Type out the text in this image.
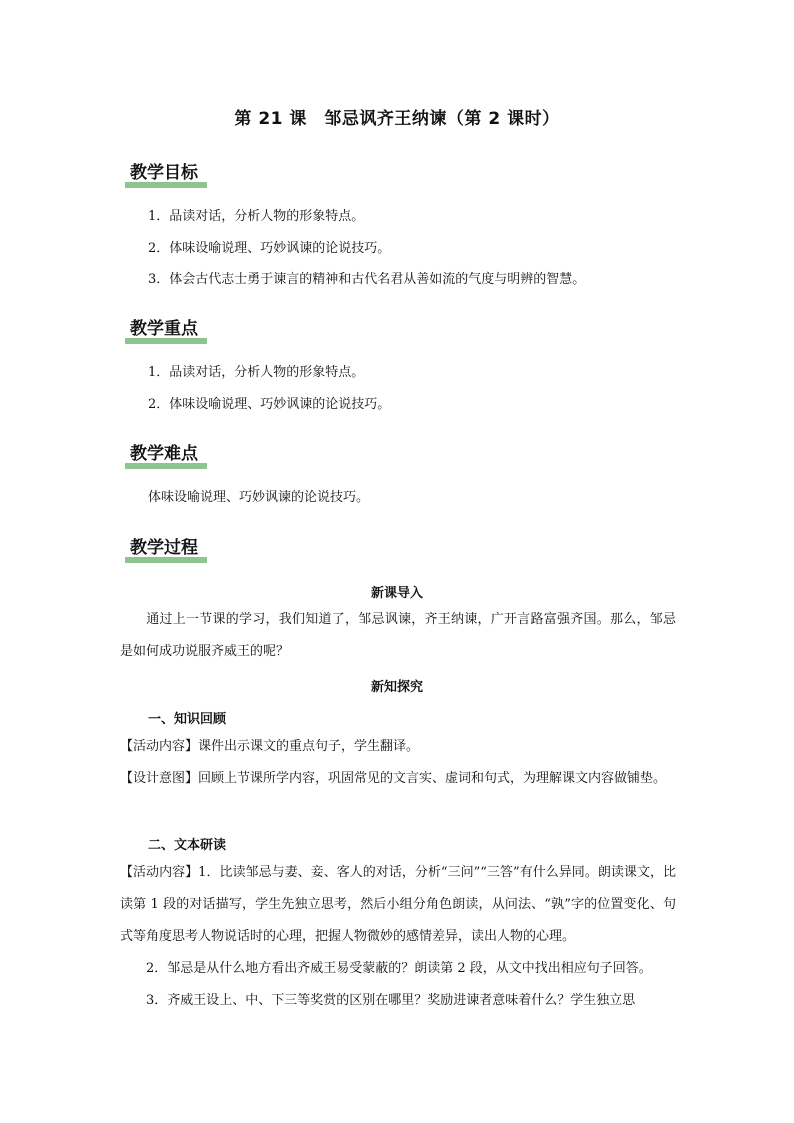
第 21 课　邹忌讽齐王纳谏（第 2 课时）
教学目标
1．品读对话，分析人物的形象特点。
2．体味设喻说理、巧妙讽谏的论说技巧。
3．体会古代志士勇于谏言的精神和古代名君从善如流的气度与明辨的智慧。
教学重点
1．品读对话，分析人物的形象特点。
2．体味设喻说理、巧妙讽谏的论说技巧。
教学难点
体味设喻说理、巧妙讽谏的论说技巧。
教学过程
新课导入
通过上一节课的学习，我们知道了，邹忌讽谏，齐王纳谏，广开言路富强齐国。那么，邹忌是如何成功说服齐威王的呢？
新知探究
一、知识回顾
【活动内容】课件出示课文的重点句子，学生翻译。
【设计意图】回顾上节课所学内容，巩固常见的文言实、虚词和句式，为理解课文内容做铺垫。
二、文本研读
【活动内容】1．比读邹忌与妻、妾、客人的对话，分析“三问”“三答”有什么异同。朗读课文，比读第 1 段的对话描写，学生先独立思考，然后小组分角色朗读，从问法、“孰”字的位置变化、句式等角度思考人物说话时的心理，把握人物微妙的感情差异，读出人物的心理。
2．邹忌是从什么地方看出齐威王易受蒙蔽的？朗读第 2 段，从文中找出相应句子回答。
3．齐威王设上、中、下三等奖赏的区别在哪里？奖励进谏者意味着什么？学生独立思
